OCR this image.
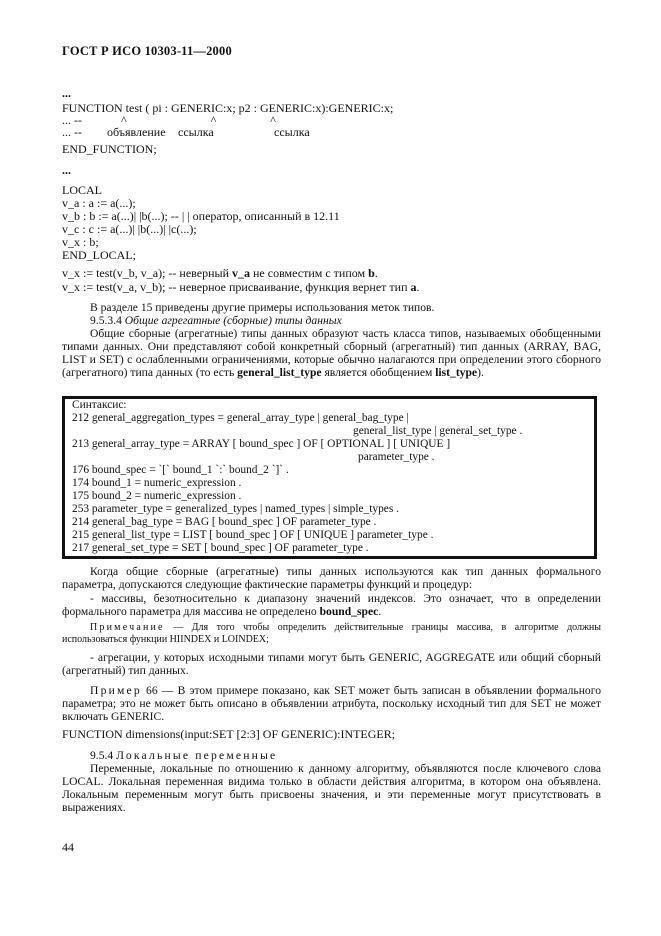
ГОСТ Р ИСО 10303-11—2000
...
FUNCTION test ( pi : GENERIC:x; p2 : GENERIC:x):GENERIC:x;
... --             ^                            ^                  ^
... -- объявление ссылка	ссылка
END_FUNCTION;
...
LOCAL
v_a : a := a(...);
v_b : b := a(...)| |b(...); -- | | оператор, описанный в 12.11
v_c : c := a(...)| |b(...)| |c(...);
v_x : b;
END_LOCAL;
v_x := test(v_b, v_a); -- неверный v_a не совместим с типом b.
v_x := test(v_a, v_b); -- неверное присваивание, функция вернет тип a.
В разделе 15 приведены другие примеры использования меток типов.
9.5.3.4 Общие агрегатные (сборные) типы данных
Общие сборные (агрегатные) типы данных образуют часть класса типов, называемых обобщенными типами данных. Они представляют собой конкретный сборный (агрегатный) тип данных (ARRAY, BAG, LIST и SET) с ослабленными ограничениями, которые обычно налагаются при определении этого сборного (агрегатного) типа данных (то есть general_list_type является обобщением list_type).
Синтаксис:
212 general_aggregation_types = general_array_type | general_bag_type |
general_list_type | general_set_type .
213 general_array_type = ARRAY [ bound_spec ] OF [ OPTIONAL ] [ UNIQUE ]
parameter_type .
176 bound_spec = `[` bound_1 `:` bound_2 `]` .
174 bound_1 = numeric_expression .
175 bound_2 = numeric_expression .
253 parameter_type = generalized_types | named_types | simple_types .
214 general_bag_type = BAG [ bound_spec ] OF parameter_type .
215 general_list_type = LIST [ bound_spec ] OF [ UNIQUE ] parameter_type .
217 general_set_type = SET [ bound_spec ] OF parameter_type .
Когда общие сборные (агрегатные) типы данных используются как тип данных формального параметра, допускаются следующие фактические параметры функций и процедур:
- массивы, безотносительно к диапазону значений индексов. Это означает, что в определении формального параметра для массива не определено bound_spec.
Примечание — Для того чтобы определить действительные границы массива, в алгоритме должны использоваться функции HIINDEX и LOINDEX;
- агрегации, у которых исходными типами могут быть GENERIC, AGGREGATE или общий сборный (агрегатный) тип данных.
Пример 66 — В этом примере показано, как SET может быть записан в объявлении формального параметра; это не может быть описано в объявлении атрибута, поскольку исходный тип для SET не может включать GENERIC.
FUNCTION dimensions(input:SET [2:3] OF GENERIC):INTEGER;
9.5.4 Локальные переменные
Переменные, локальные по отношению к данному алгоритму, объявляются после ключевого слова LOCAL. Локальная переменная видима только в области действия алгоритма, в котором она объявлена. Локальным переменным могут быть присвоены значения, и эти переменные могут присутствовать в выражениях.
44
